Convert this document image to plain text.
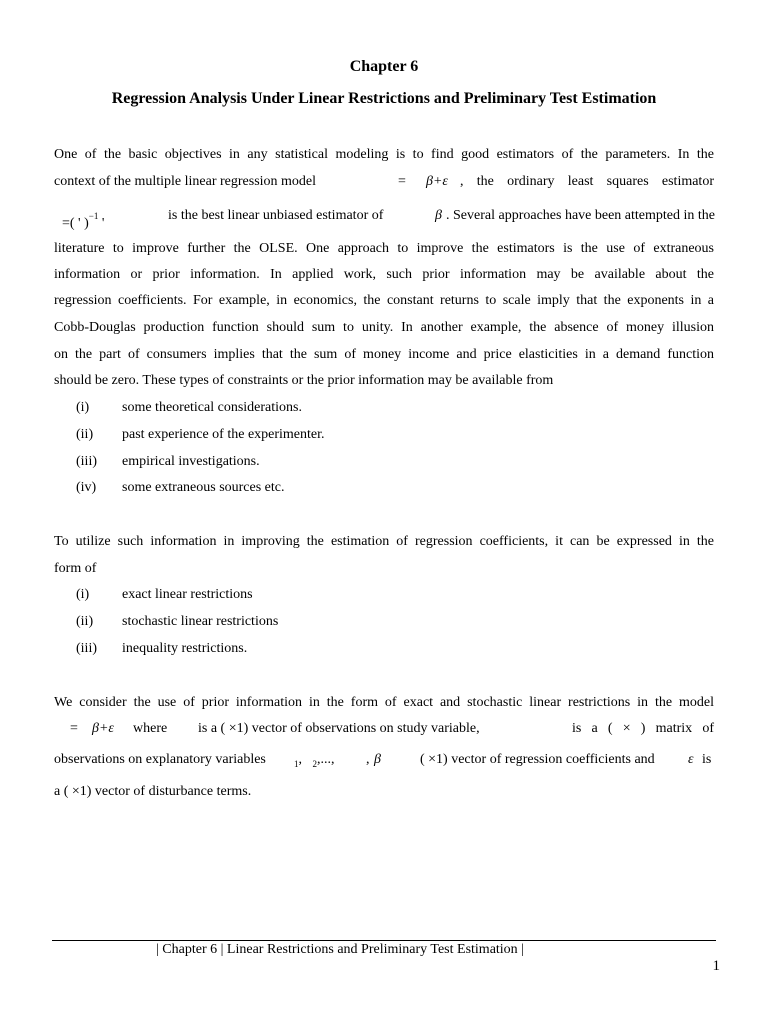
Chapter 6
Regression Analysis Under Linear Restrictions and Preliminary Test Estimation
One of the basic objectives in any statistical modeling is to find good estimators of the parameters. In the
context of the multiple linear regression model	= β+ε , the ordinary least squares estimator
=( ' )$^{-1}$ '
is the best linear unbiased estimator of	β . Several approaches have been attempted in the
literature to improve further the OLSE. One approach to improve the estimators is the use of extraneous
information or prior information. In applied work, such prior information may be available about the
regression coefficients. For example, in economics, the constant returns to scale imply that the exponents in a
Cobb-Douglas production function should sum to unity. In another example, the absence of money illusion
on the part of consumers implies that the sum of money income and price elasticities in a demand function
should be zero. These types of constraints or the prior information may be available from
(i) some theoretical considerations.
(ii) past experience of the experimenter.
(iii) empirical investigations.
(iv) some extraneous sources etc.
To utilize such information in improving the estimation of regression coefficients, it can be expressed in the
form of
(i) exact linear restrictions
(ii) stochastic linear restrictions
(iii) inequality restrictions.
We consider the use of prior information in the form of exact and stochastic linear restrictions in the model
= β+ε where is a ( ×1) vector of observations on study variable,	is a ( × ) matrix of
observations on explanatory variables	$_1$, $_2$,..., , β	( ×1) vector of regression coefficients and ε is
a ( ×1) vector of disturbance terms.
| Chapter 6 | Linear Restrictions and Preliminary Test Estimation |
1
